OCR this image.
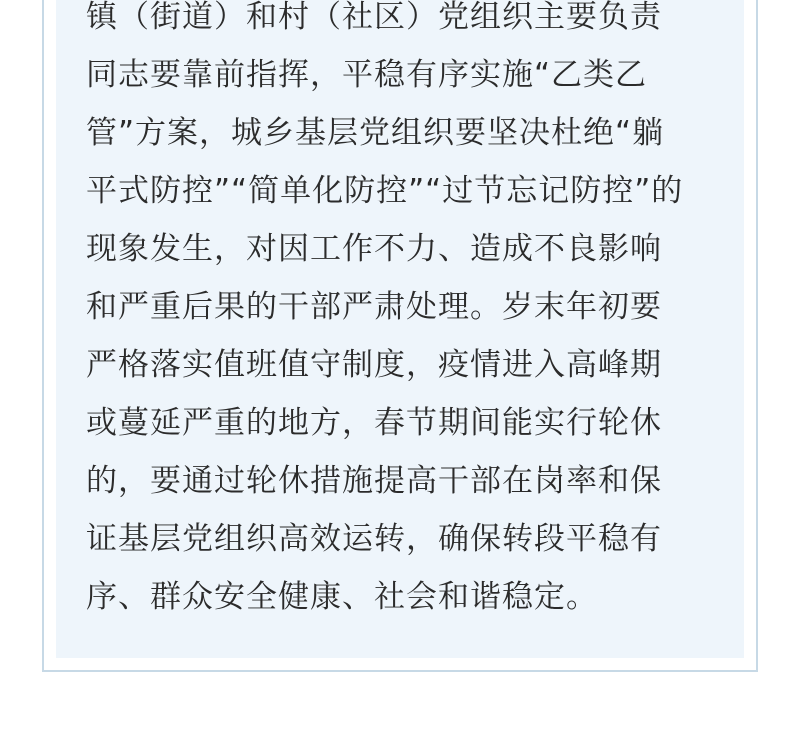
镇（街道）和村（社区）党组织主要负责
同志要靠前指挥，平稳有序实施“乙类乙
管”方案，城乡基层党组织要坚决杜绝“躺
平式防控”“简单化防控”“过节忘记防控”的
现象发生，对因工作不力、造成不良影响
和严重后果的干部严肃处理。岁末年初要
严格落实值班值守制度，疫情进入高峰期
或蔓延严重的地方，春节期间能实行轮休
的，要通过轮休措施提高干部在岗率和保
证基层党组织高效运转，确保转段平稳有
序、群众安全健康、社会和谐稳定。
